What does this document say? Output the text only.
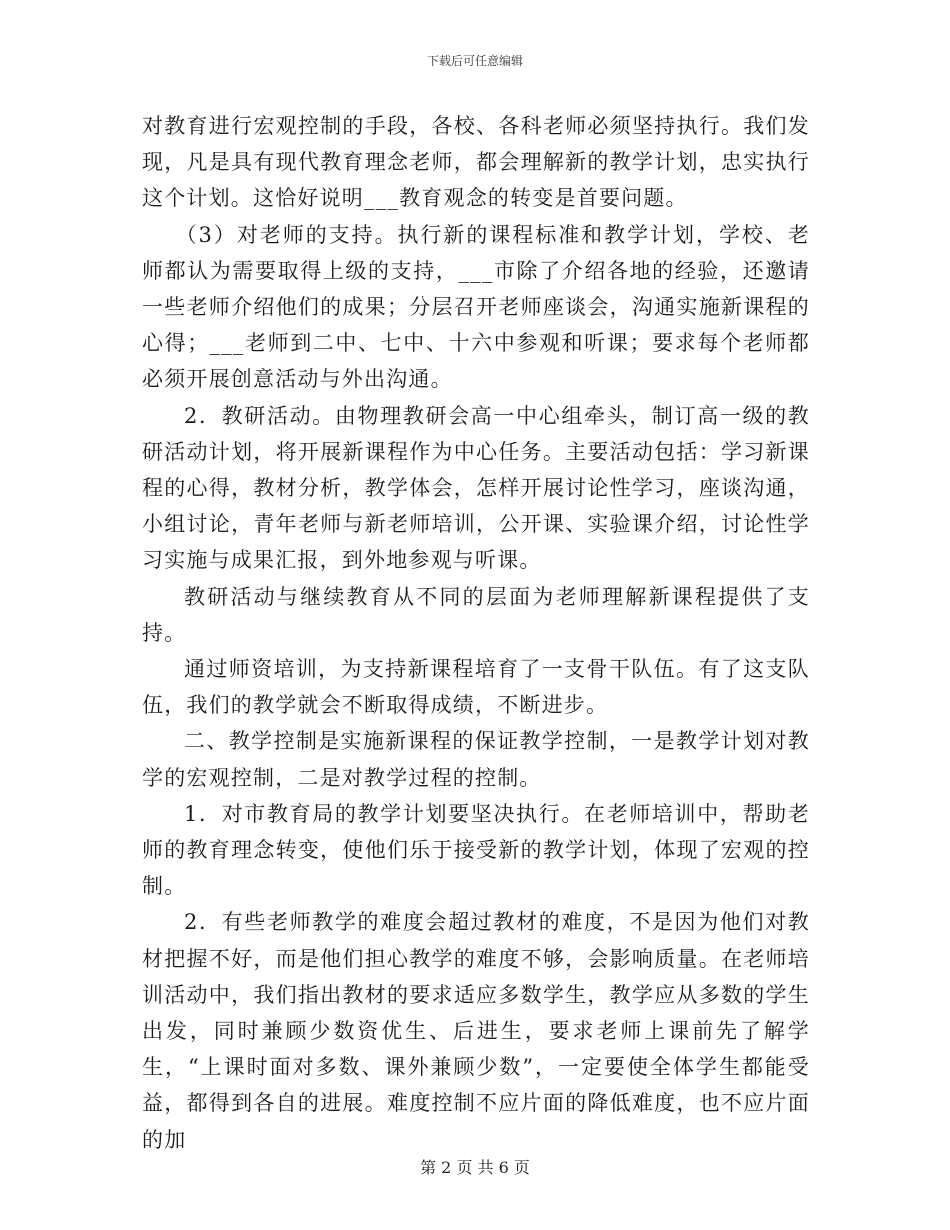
下载后可任意编辑

对教育进行宏观控制的手段，各校、各科老师必须坚持执行。我们发现，凡是具有现代教育理念老师，都会理解新的教学计划，忠实执行这个计划。这恰好说明___教育观念的转变是首要问题。

（3）对老师的支持。执行新的课程标准和教学计划，学校、老师都认为需要取得上级的支持，___市除了介绍各地的经验，还邀请一些老师介绍他们的成果；分层召开老师座谈会，沟通实施新课程的心得；___老师到二中、七中、十六中参观和听课；要求每个老师都必须开展创意活动与外出沟通。

2．教研活动。由物理教研会高一中心组牵头，制订高一级的教研活动计划，将开展新课程作为中心任务。主要活动包括：学习新课程的心得，教材分析，教学体会，怎样开展讨论性学习，座谈沟通，小组讨论，青年老师与新老师培训，公开课、实验课介绍，讨论性学习实施与成果汇报，到外地参观与听课。

教研活动与继续教育从不同的层面为老师理解新课程提供了支持。

通过师资培训，为支持新课程培育了一支骨干队伍。有了这支队伍，我们的教学就会不断取得成绩，不断进步。

二、教学控制是实施新课程的保证教学控制，一是教学计划对教学的宏观控制，二是对教学过程的控制。

1．对市教育局的教学计划要坚决执行。在老师培训中，帮助老师的教育理念转变，使他们乐于接受新的教学计划，体现了宏观的控制。

2．有些老师教学的难度会超过教材的难度，不是因为他们对教材把握不好，而是他们担心教学的难度不够，会影响质量。在老师培训活动中，我们指出教材的要求适应多数学生，教学应从多数的学生出发，同时兼顾少数资优生、后进生，要求老师上课前先了解学生，“上课时面对多数、课外兼顾少数”，一定要使全体学生都能受益，都得到各自的进展。难度控制不应片面的降低难度，也不应片面的加

第 2 页 共 6 页
